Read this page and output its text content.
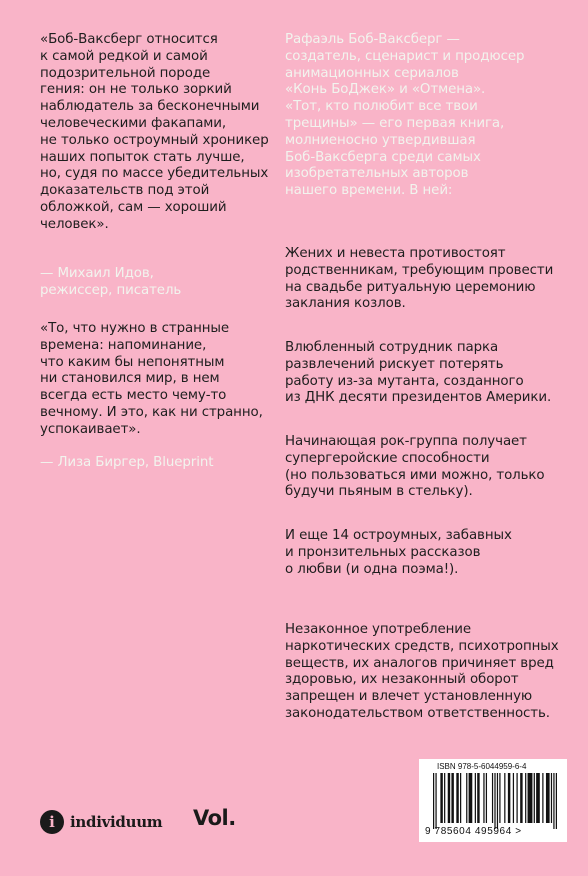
«Боб-Ваксберг относится
к самой редкой и самой
подозрительной породе
гения: он не только зоркий
наблюдатель за бесконечными
человеческими факапами,
не только остроумный хроникер
наших попыток стать лучше,
но, судя по массе убедительных
доказательств под этой
обложкой, сам — хороший
человек».

— Михаил Идов,
режиссер, писатель

«То, что нужно в странные
времена: напоминание,
что каким бы непонятным
ни становился мир, в нем
всегда есть место чему-то
вечному. И это, как ни странно,
успокаивает».

— Лиза Биргер, Blueprint

Рафаэль Боб-Ваксберг —
создатель, сценарист и продюсер
анимационных сериалов
«Конь БоДжек» и «Отмена».
«Тот, кто полюбит все твои
трещины» — его первая книга,
молниеносно утвердившая
Боб-Ваксберга среди самых
изобретательных авторов
нашего времени. В ней:

Жених и невеста противостоят
родственникам, требующим провести
на свадьбе ритуальную церемонию
заклания козлов.

Влюбленный сотрудник парка
развлечений рискует потерять
работу из-за мутанта, созданного
из ДНК десяти президентов Америки.

Начинающая рок-группа получает
супергеройские способности
(но пользоваться ими можно, только
будучи пьяным в стельку).

И еще 14 остроумных, забавных
и пронзительных рассказов
о любви (и одна поэма!).

Незаконное употребление
наркотических средств, психотропных
веществ, их аналогов причиняет вред
здоровью, их незаконный оборот
запрещен и влечет установленную
законодательством ответственность.

ISBN 978-5-6044959-6-4
9 785604 495964 >
i	individuum Vol.
